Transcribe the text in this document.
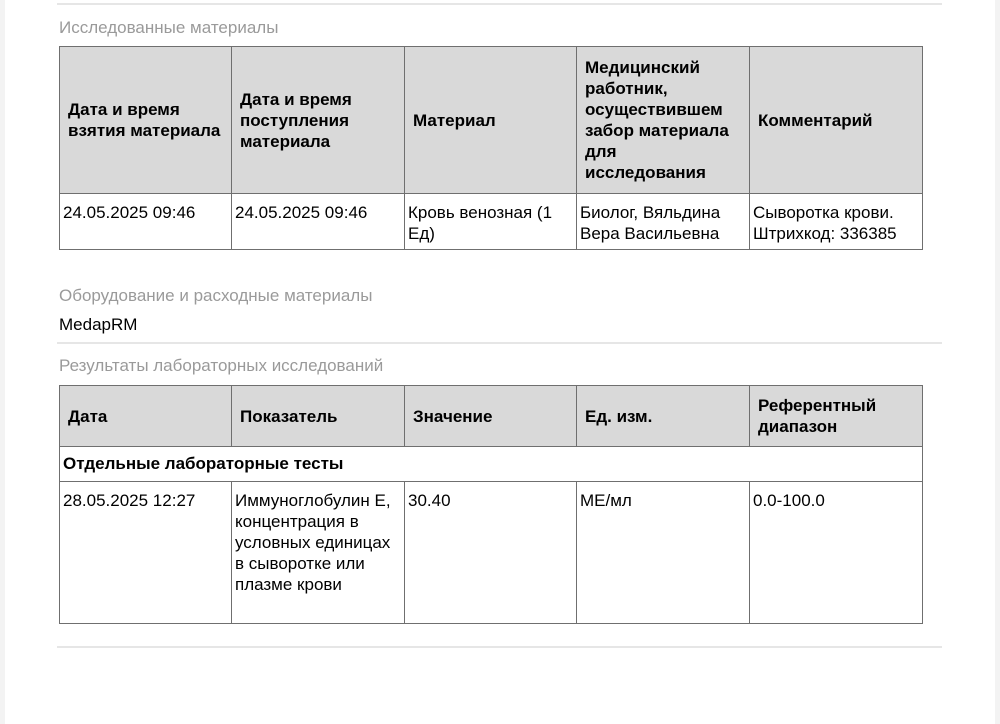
Исследованные материалы
Дата и время взятия материала	Дата и время поступления материала	Материал	Медицинский работник, осуществившем забор материала для исследования	Комментарий
24.05.2025 09:46	24.05.2025 09:46	Кровь венозная (1 Ед)	Биолог, Вяльдина Вера Васильевна	Сыворотка крови. Штрихкод: 336385
Оборудование и расходные материалы
MedapRM
Результаты лабораторных исследований
Дата	Показатель	Значение	Ед. изм.	Референтный диапазон
Отдельные лабораторные тесты				
28.05.2025 12:27	Иммуноглобулин E, концентрация в условных единицах в сыворотке или плазме крови	30.40	МЕ/мл	0.0-100.0
